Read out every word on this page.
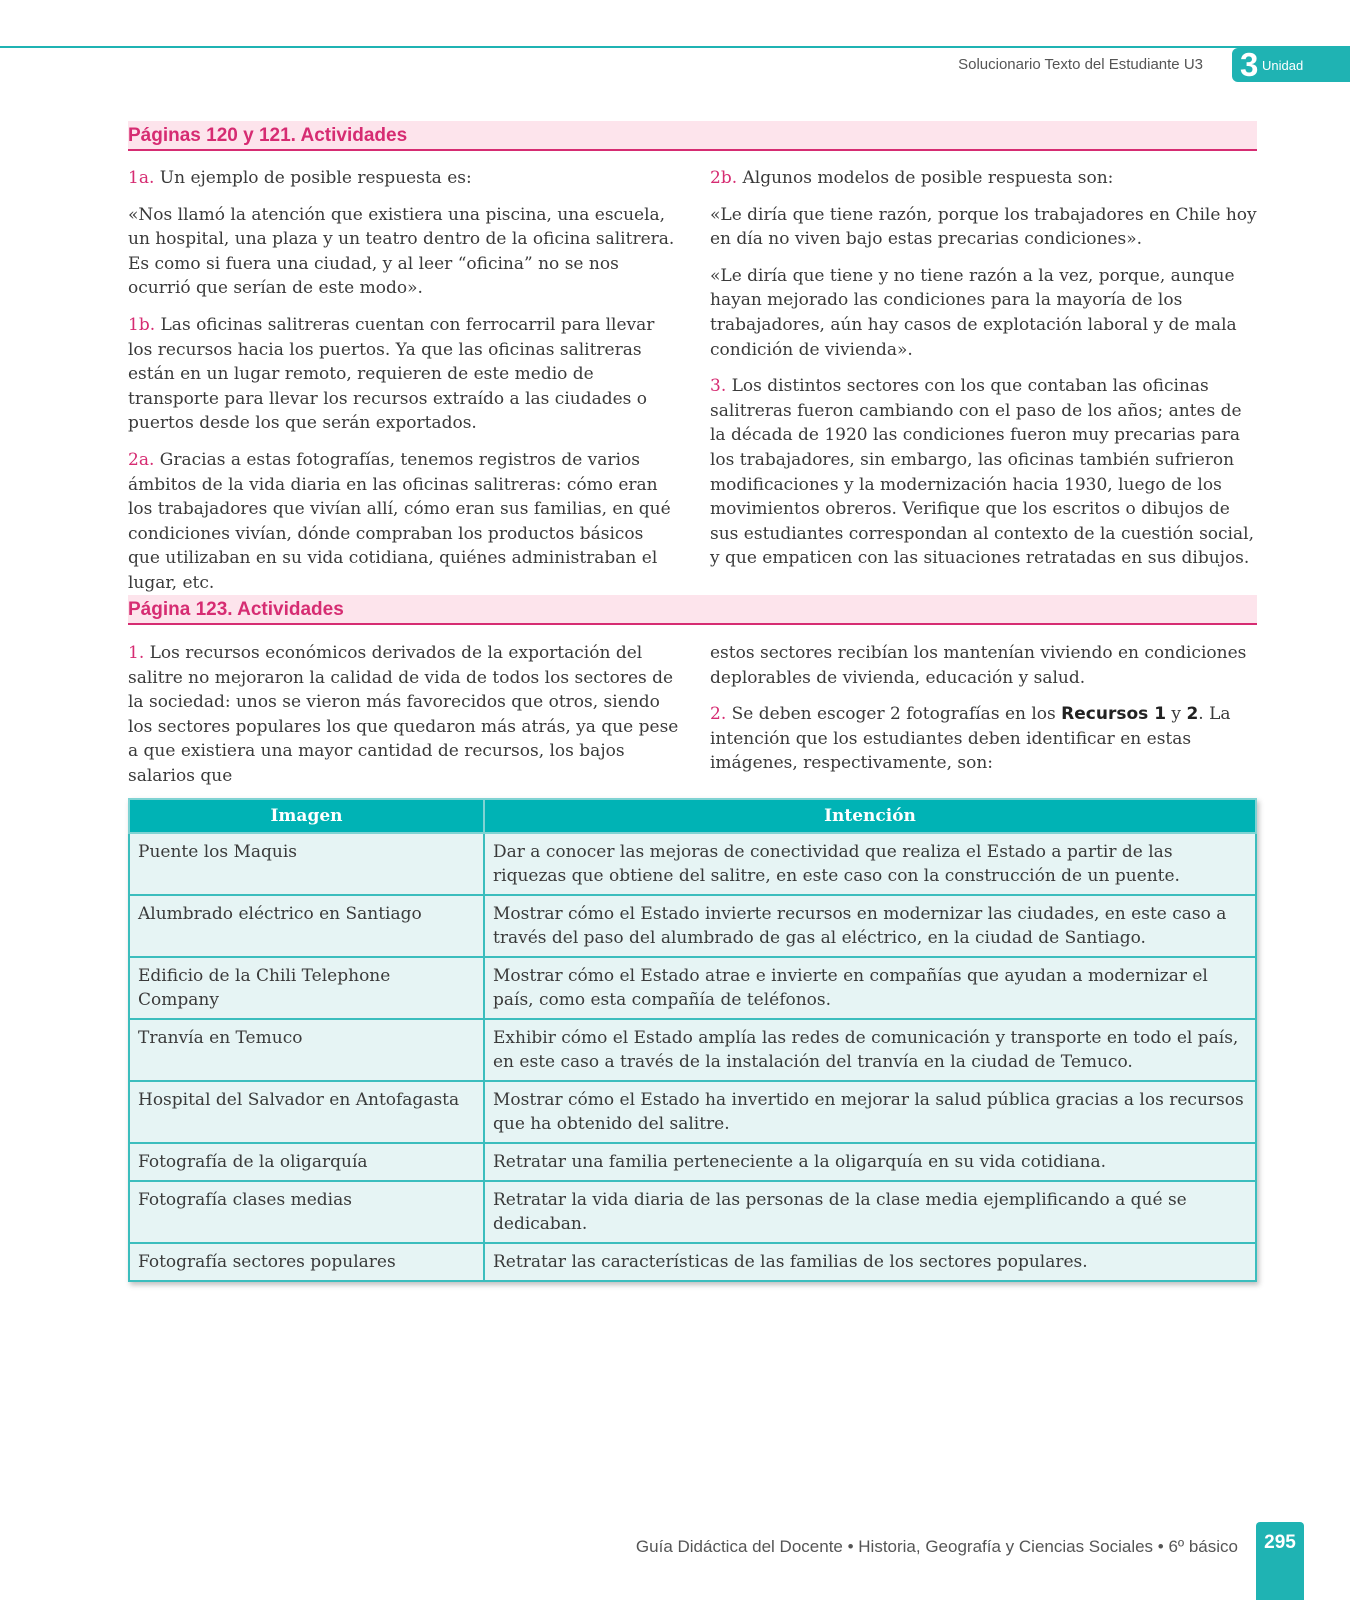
Solucionario Texto del Estudiante U3 3 Unidad
Páginas 120 y 121. Actividades

1a. Un ejemplo de posible respuesta es:

«Nos llamó la atención que existiera una piscina, una escuela, un hospital, una plaza y un teatro dentro de la oficina salitrera. Es como si fuera una ciudad, y al leer “oficina” no se nos ocurrió que serían de este modo».

1b. Las oficinas salitreras cuentan con ferrocarril para llevar los recursos hacia los puertos. Ya que las oficinas salitreras están en un lugar remoto, requieren de este medio de transporte para llevar los recursos extraído a las ciudades o puertos desde los que serán exportados.

2a. Gracias a estas fotografías, tenemos registros de varios ámbitos de la vida diaria en las oficinas salitreras: cómo eran los trabajadores que vivían allí, cómo eran sus familias, en qué condiciones vivían, dónde compraban los productos básicos que utilizaban en su vida cotidiana, quiénes administraban el lugar, etc.

2b. Algunos modelos de posible respuesta son:

«Le diría que tiene razón, porque los trabajadores en Chile hoy en día no viven bajo estas precarias condiciones».

«Le diría que tiene y no tiene razón a la vez, porque, aunque hayan mejorado las condiciones para la mayoría de los trabajadores, aún hay casos de explotación laboral y de mala condición de vivienda».

3. Los distintos sectores con los que contaban las oficinas salitreras fueron cambiando con el paso de los años; antes de la década de 1920 las condiciones fueron muy precarias para los trabajadores, sin embargo, las oficinas también sufrieron modificaciones y la modernización hacia 1930, luego de los movimientos obreros. Verifique que los escritos o dibujos de sus estudiantes correspondan al contexto de la cuestión social, y que empaticen con las situaciones retratadas en sus dibujos.

Página 123. Actividades

1. Los recursos económicos derivados de la exportación del salitre no mejoraron la calidad de vida de todos los sectores de la sociedad: unos se vieron más favorecidos que otros, siendo los sectores populares los que quedaron más atrás, ya que pese a que existiera una mayor cantidad de recursos, los bajos salarios que

estos sectores recibían los mantenían viviendo en condiciones deplorables de vivienda, educación y salud.

2. Se deben escoger 2 fotografías en los Recursos 1 y 2. La intención que los estudiantes deben identificar en estas imágenes, respectivamente, son:

Imagen	Intención
Puente los Maquis	Dar a conocer las mejoras de conectividad que realiza el Estado a partir de las riquezas que obtiene del salitre, en este caso con la construcción de un puente.
Alumbrado eléctrico en Santiago	Mostrar cómo el Estado invierte recursos en modernizar las ciudades, en este caso a través del paso del alumbrado de gas al eléctrico, en la ciudad de Santiago.
Edificio de la Chili Telephone Company	Mostrar cómo el Estado atrae e invierte en compañías que ayudan a modernizar el país, como esta compañía de teléfonos.
Tranvía en Temuco	Exhibir cómo el Estado amplía las redes de comunicación y transporte en todo el país, en este caso a través de la instalación del tranvía en la ciudad de Temuco.
Hospital del Salvador en Antofagasta	Mostrar cómo el Estado ha invertido en mejorar la salud pública gracias a los recursos que ha obtenido del salitre.
Fotografía de la oligarquía	Retratar una familia perteneciente a la oligarquía en su vida cotidiana.
Fotografía clases medias	Retratar la vida diaria de las personas de la clase media ejemplificando a qué se dedicaban.
Fotografía sectores populares	Retratar las características de las familias de los sectores populares.
Guía Didáctica del Docente • Historia, Geografía y Ciencias Sociales • 6º básico	295
